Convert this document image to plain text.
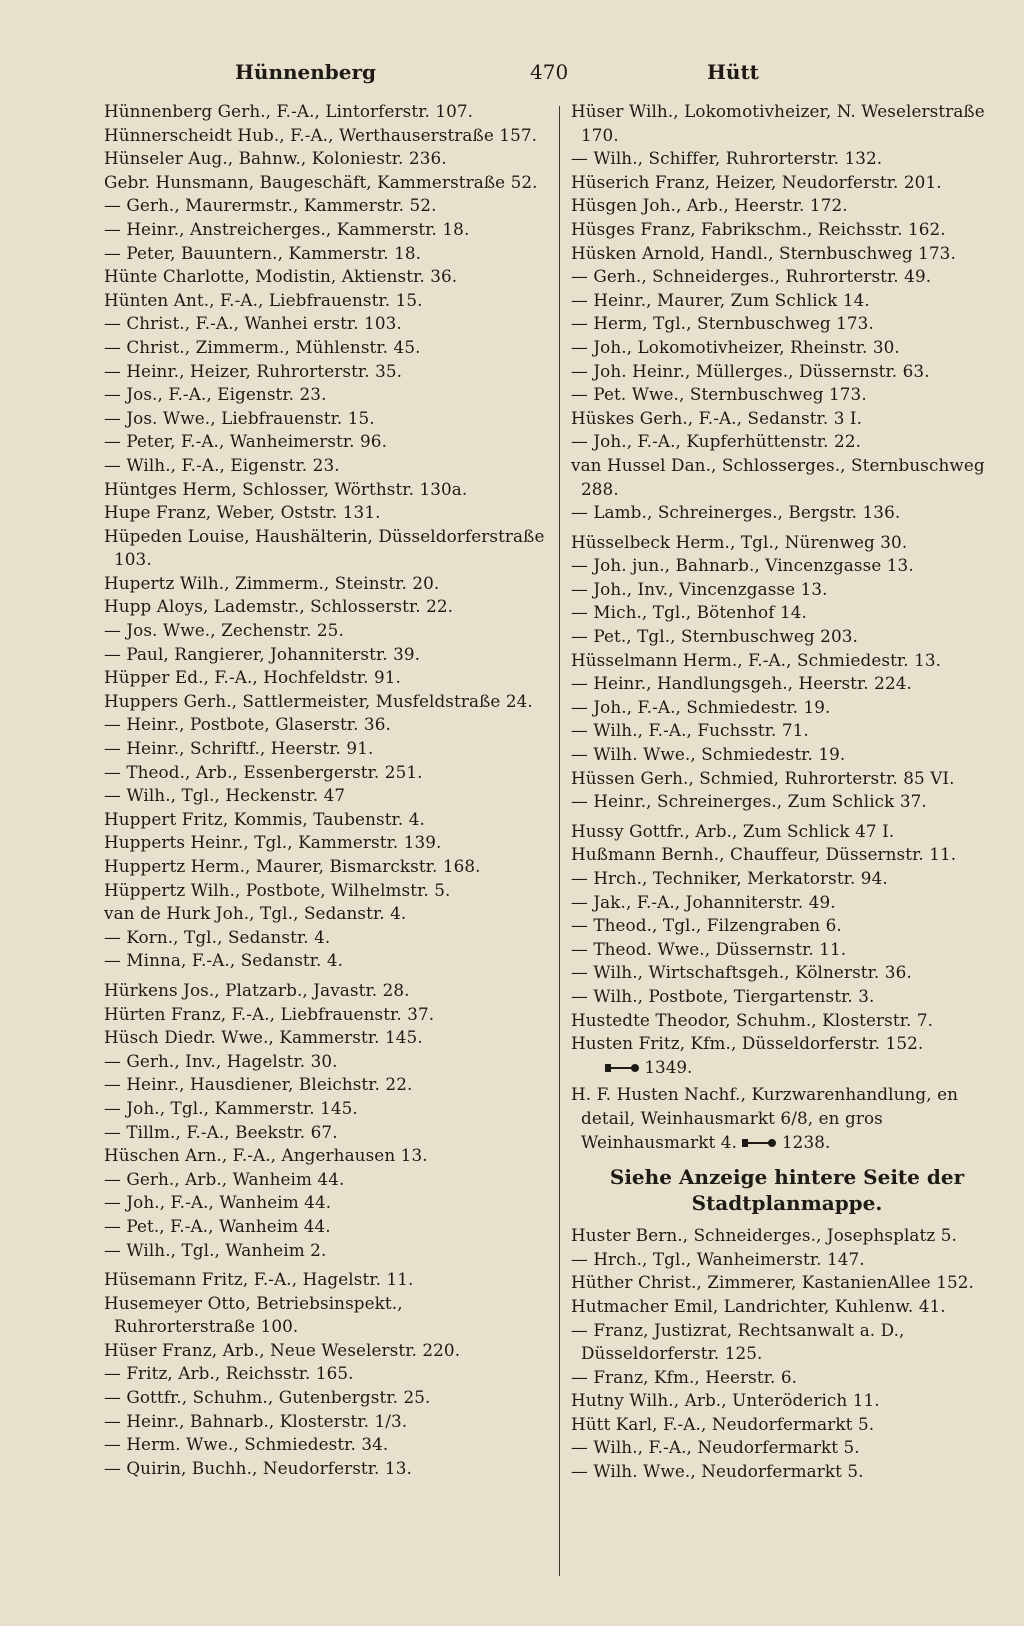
Hünnenberg	470	Hütt
Hünnenberg Gerh., F.-A., Lintorferstr. 107.
Hünnerscheidt Hub., F.-A., Werthauserstraße 157.
Hünseler Aug., Bahnw., Koloniestr. 236.
Gebr. Hunsmann, Baugeschäft, Kammerstraße 52.
— Gerh., Maurermstr., Kammerstr. 52.
— Heinr., Anstreicherges., Kammerstr. 18.
— Peter, Bauuntern., Kammerstr. 18.
Hünte Charlotte, Modistin, Aktienstr. 36.
Hünten Ant., F.-A., Liebfrauenstr. 15.
— Christ., F.-A., Wanhei erstr. 103.
— Christ., Zimmerm., Mühlenstr. 45.
— Heinr., Heizer, Ruhrorterstr. 35.
— Jos., F.-A., Eigenstr. 23.
— Jos. Wwe., Liebfrauenstr. 15.
— Peter, F.-A., Wanheimerstr. 96.
— Wilh., F.-A., Eigenstr. 23.
Hüntges Herm, Schlosser, Wörthstr. 130a.
Hupe Franz, Weber, Oststr. 131.
Hüpeden Louise, Haushälterin, Düsseldorferstraße 103.
Hupertz Wilh., Zimmerm., Steinstr. 20.
Hupp Aloys, Lademstr., Schlosserstr. 22.
— Jos. Wwe., Zechenstr. 25.
— Paul, Rangierer, Johanniterstr. 39.
Hüpper Ed., F.-A., Hochfeldstr. 91.
Huppers Gerh., Sattlermeister, Musfeldstraße 24.
— Heinr., Postbote, Glaserstr. 36.
— Heinr., Schriftf., Heerstr. 91.
— Theod., Arb., Essenbergerstr. 251.
— Wilh., Tgl., Heckenstr. 47
Huppert Fritz, Kommis, Taubenstr. 4.
Hupperts Heinr., Tgl., Kammerstr. 139.
Huppertz Herm., Maurer, Bismarckstr. 168.
Hüppertz Wilh., Postbote, Wilhelmstr. 5.
van de Hurk Joh., Tgl., Sedanstr. 4.
— Korn., Tgl., Sedanstr. 4.
— Minna, F.-A., Sedanstr. 4.
Hürkens Jos., Platzarb., Javastr. 28.
Hürten Franz, F.-A., Liebfrauenstr. 37.
Hüsch Diedr. Wwe., Kammerstr. 145.
— Gerh., Inv., Hagelstr. 30.
— Heinr., Hausdiener, Bleichstr. 22.
— Joh., Tgl., Kammerstr. 145.
— Tillm., F.-A., Beekstr. 67.
Hüschen Arn., F.-A., Angerhausen 13.
— Gerh., Arb., Wanheim 44.
— Joh., F.-A., Wanheim 44.
— Pet., F.-A., Wanheim 44.
— Wilh., Tgl., Wanheim 2.
Hüsemann Fritz, F.-A., Hagelstr. 11.
Husemeyer Otto, Betriebsinspekt., Ruhrorterstraße 100.
Hüser Franz, Arb., Neue Weselerstr. 220.
— Fritz, Arb., Reichsstr. 165.
— Gottfr., Schuhm., Gutenbergstr. 25.
— Heinr., Bahnarb., Klosterstr. 1/3.
— Herm. Wwe., Schmiedestr. 34.
— Quirin, Buchh., Neudorferstr. 13.
Hüser Wilh., Lokomotivheizer, N. Weselerstraße 170.
— Wilh., Schiffer, Ruhrorterstr. 132.
Hüserich Franz, Heizer, Neudorferstr. 201.
Hüsgen Joh., Arb., Heerstr. 172.
Hüsges Franz, Fabrikschm., Reichsstr. 162.
Hüsken Arnold, Handl., Sternbuschweg 173.
— Gerh., Schneiderges., Ruhrorterstr. 49.
— Heinr., Maurer, Zum Schlick 14.
— Herm, Tgl., Sternbuschweg 173.
— Joh., Lokomotivheizer, Rheinstr. 30.
— Joh. Heinr., Müllerges., Düssernstr. 63.
— Pet. Wwe., Sternbuschweg 173.
Hüskes Gerh., F.-A., Sedanstr. 3 I.
— Joh., F.-A., Kupferhüttenstr. 22.
van Hussel Dan., Schlosserges., Sternbuschweg 288.
— Lamb., Schreinerges., Bergstr. 136.
Hüsselbeck Herm., Tgl., Nürenweg 30.
— Joh. jun., Bahnarb., Vincenzgasse 13.
— Joh., Inv., Vincenzgasse 13.
— Mich., Tgl., Bötenhof 14.
— Pet., Tgl., Sternbuschweg 203.
Hüsselmann Herm., F.-A., Schmiedestr. 13.
— Heinr., Handlungsgeh., Heerstr. 224.
— Joh., F.-A., Schmiedestr. 19.
— Wilh., F.-A., Fuchsstr. 71.
— Wilh. Wwe., Schmiedestr. 19.
Hüssen Gerh., Schmied, Ruhrorterstr. 85 VI.
— Heinr., Schreinerges., Zum Schlick 37.
Hussy Gottfr., Arb., Zum Schlick 47 I.
Hußmann Bernh., Chauffeur, Düssernstr. 11.
— Hrch., Techniker, Merkatorstr. 94.
— Jak., F.-A., Johanniterstr. 49.
— Theod., Tgl., Filzengraben 6.
— Theod. Wwe., Düssernstr. 11.
— Wilh., Wirtschaftsgeh., Kölnerstr. 36.
— Wilh., Postbote, Tiergartenstr. 3.
Hustedte Theodor, Schuhm., Klosterstr. 7.
Husten Fritz, Kfm., Düsseldorferstr. 152.
1349.
H. F. Husten Nachf., Kurzwarenhandlung, en detail, Weinhausmarkt 6/8, en gros Weinhausmarkt 4.	1238.
Siehe Anzeige hintere Seite der Stadtplanmappe.
Huster Bern., Schneiderges., Josephsplatz 5.
— Hrch., Tgl., Wanheimerstr. 147.
Hüther Christ., Zimmerer, KastanienAllee 152.
Hutmacher Emil, Landrichter, Kuhlenw. 41.
— Franz, Justizrat, Rechtsanwalt a. D., Düsseldorferstr. 125.
— Franz, Kfm., Heerstr. 6.
Hutny Wilh., Arb., Unteröderich 11.
Hütt Karl, F.-A., Neudorfermarkt 5.
— Wilh., F.-A., Neudorfermarkt 5.
— Wilh. Wwe., Neudorfermarkt 5.
